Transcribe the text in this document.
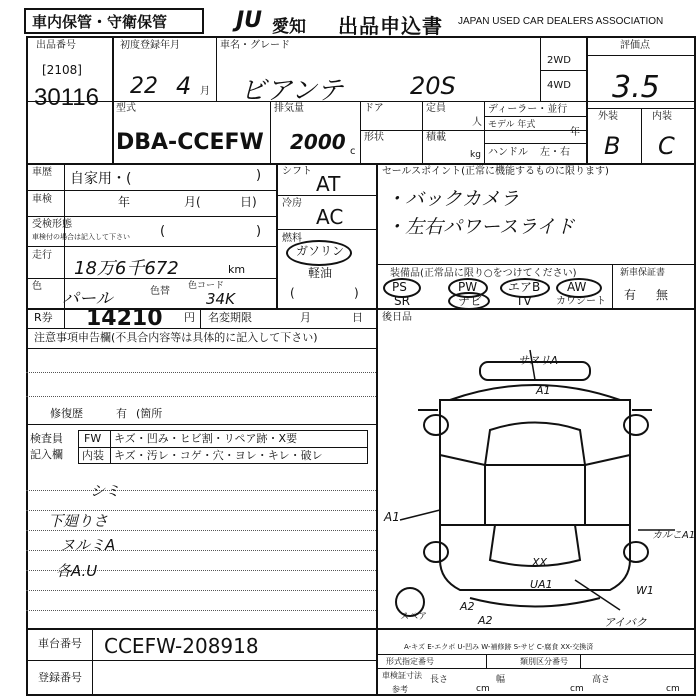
車内保管・守衛保管	JU 愛知 出品申込書 JAPAN USED CAR DEALERS ASSOCIATION
出品番号
[2108]
30116
初度登録年月
22 4 月
車名・グレード
ビアンテ	20S
2WD
4WD
評価点
3.5
型式
DBA-CCEFW
排気量
2000 c
ドア	定員
人
形状	積載
kg
ディーラー・並行
モデル 年式
年
ハンドル 左・右
外装	内装
B C
車歴 自家用・(	)
車検	年	月(	日)
受検形態
車検付の場合は記入して下さい (	)
走行
18万6千672	km
色
パール	色替 色コード
34K
シフト
AT
冷房
AC
燃料
ガソリン
軽油
(	)
セールスポイント(正常に機能するものに限ります)
・バックカメラ
・左右パワースライド
装備品(正常品に限り○をつけてください)
PS	PW	エアB AW
SR	ナビ	TV カワシート
新車保証書
有 無
R券 14210 円 名変期限	月	日 後日品
注意事項申告欄(不具合内容等は具体的に記入して下さい)
修復歴	有 (箇所
検査員
記入欄
FW キズ・凹み・ヒビ割・リペア跡・X要
内装 キズ・汚レ・コゲ・穴・ヨレ・キレ・破レ
シミ
下廻りさ
ヌルミA
各A.U
サヌリA
A1
A1
カルこA1
XX
UA1	W1
A2
A2	アイバク
スペア
A-キズ E-エクボ U-凹み W-補修跡 S-サビ C-腐食 XX-交換済
車台番号 CCEFW-208918
登録番号
形式指定番号	類別区分番号
車検証寸法
参考
長さ
cm
幅
cm
高さ
cm
